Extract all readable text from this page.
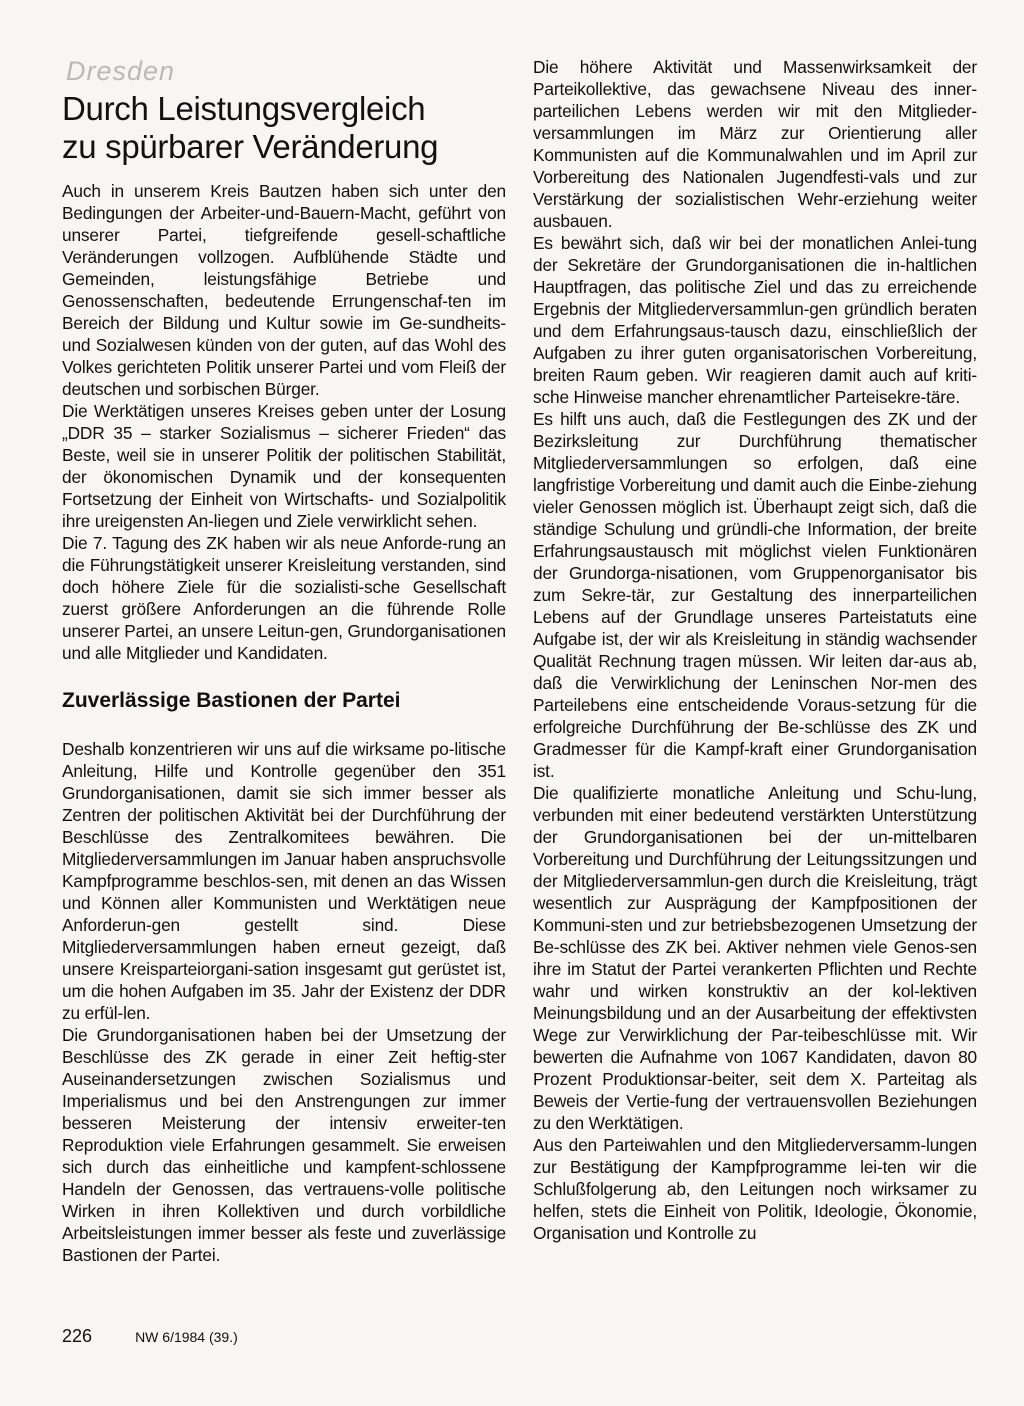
Dresden
Durch Leistungsvergleich
zu spürbarer Veränderung

Auch in unserem Kreis Bautzen haben sich unter den Bedingungen der Arbeiter-und-Bauern-Macht, geführt von unserer Partei, tiefgreifende gesell-schaftliche Veränderungen vollzogen. Aufblühende Städte und Gemeinden, leistungsfähige Betriebe und Genossenschaften, bedeutende Errungenschaf-ten im Bereich der Bildung und Kultur sowie im Ge-sundheits- und Sozialwesen künden von der guten, auf das Wohl des Volkes gerichteten Politik unserer Partei und vom Fleiß der deutschen und sorbischen Bürger.

Die Werktätigen unseres Kreises geben unter der Losung „DDR 35 – starker Sozialismus – sicherer Frieden“ das Beste, weil sie in unserer Politik der politischen Stabilität, der ökonomischen Dynamik und der konsequenten Fortsetzung der Einheit von Wirtschafts- und Sozialpolitik ihre ureigensten An-liegen und Ziele verwirklicht sehen.

Die 7. Tagung des ZK haben wir als neue Anforde-rung an die Führungstätigkeit unserer Kreisleitung verstanden, sind doch höhere Ziele für die sozialisti-sche Gesellschaft zuerst größere Anforderungen an die führende Rolle unserer Partei, an unsere Leitun-gen, Grundorganisationen und alle Mitglieder und Kandidaten.

Zuverlässige Bastionen der Partei

Deshalb konzentrieren wir uns auf die wirksame po-litische Anleitung, Hilfe und Kontrolle gegenüber den 351 Grundorganisationen, damit sie sich immer besser als Zentren der politischen Aktivität bei der Durchführung der Beschlüsse des Zentralkomitees bewähren. Die Mitgliederversammlungen im Januar haben anspruchsvolle Kampfprogramme beschlos-sen, mit denen an das Wissen und Können aller Kommunisten und Werktätigen neue Anforderun-gen gestellt sind. Diese Mitgliederversammlungen haben erneut gezeigt, daß unsere Kreisparteiorgani-sation insgesamt gut gerüstet ist, um die hohen Aufgaben im 35. Jahr der Existenz der DDR zu erfül-len.

Die Grundorganisationen haben bei der Umsetzung der Beschlüsse des ZK gerade in einer Zeit heftig-ster Auseinandersetzungen zwischen Sozialismus und Imperialismus und bei den Anstrengungen zur immer besseren Meisterung der intensiv erweiter-ten Reproduktion viele Erfahrungen gesammelt. Sie erweisen sich durch das einheitliche und kampfent-schlossene Handeln der Genossen, das vertrauens-volle politische Wirken in ihren Kollektiven und durch vorbildliche Arbeitsleistungen immer besser als feste und zuverlässige Bastionen der Partei.

Die höhere Aktivität und Massenwirksamkeit der Parteikollektive, das gewachsene Niveau des inner-parteilichen Lebens werden wir mit den Mitglieder-versammlungen im März zur Orientierung aller Kommunisten auf die Kommunalwahlen und im April zur Vorbereitung des Nationalen Jugendfesti-vals und zur Verstärkung der sozialistischen Wehr-erziehung weiter ausbauen.

Es bewährt sich, daß wir bei der monatlichen Anlei-tung der Sekretäre der Grundorganisationen die in-haltlichen Hauptfragen, das politische Ziel und das zu erreichende Ergebnis der Mitgliederversammlun-gen gründlich beraten und dem Erfahrungsaus-tausch dazu, einschließlich der Aufgaben zu ihrer guten organisatorischen Vorbereitung, breiten Raum geben. Wir reagieren damit auch auf kriti-sche Hinweise mancher ehrenamtlicher Parteisekre-täre.

Es hilft uns auch, daß die Festlegungen des ZK und der Bezirksleitung zur Durchführung thematischer Mitgliederversammlungen so erfolgen, daß eine langfristige Vorbereitung und damit auch die Einbe-ziehung vieler Genossen möglich ist. Überhaupt zeigt sich, daß die ständige Schulung und gründli-che Information, der breite Erfahrungsaustausch mit möglichst vielen Funktionären der Grundorga-nisationen, vom Gruppenorganisator bis zum Sekre-tär, zur Gestaltung des innerparteilichen Lebens auf der Grundlage unseres Parteistatuts eine Aufgabe ist, der wir als Kreisleitung in ständig wachsender Qualität Rechnung tragen müssen. Wir leiten dar-aus ab, daß die Verwirklichung der Leninschen Nor-men des Parteilebens eine entscheidende Voraus-setzung für die erfolgreiche Durchführung der Be-schlüsse des ZK und Gradmesser für die Kampf-kraft einer Grundorganisation ist.

Die qualifizierte monatliche Anleitung und Schu-lung, verbunden mit einer bedeutend verstärkten Unterstützung der Grundorganisationen bei der un-mittelbaren Vorbereitung und Durchführung der Leitungssitzungen und der Mitgliederversammlun-gen durch die Kreisleitung, trägt wesentlich zur Ausprägung der Kampfpositionen der Kommuni-sten und zur betriebsbezogenen Umsetzung der Be-schlüsse des ZK bei. Aktiver nehmen viele Genos-sen ihre im Statut der Partei verankerten Pflichten und Rechte wahr und wirken konstruktiv an der kol-lektiven Meinungsbildung und an der Ausarbeitung der effektivsten Wege zur Verwirklichung der Par-teibeschlüsse mit. Wir bewerten die Aufnahme von 1067 Kandidaten, davon 80 Prozent Produktionsar-beiter, seit dem X. Parteitag als Beweis der Vertie-fung der vertrauensvollen Beziehungen zu den Werktätigen.

Aus den Parteiwahlen und den Mitgliederversamm-lungen zur Bestätigung der Kampfprogramme lei-ten wir die Schlußfolgerung ab, den Leitungen noch wirksamer zu helfen, stets die Einheit von Politik, Ideologie, Ökonomie, Organisation und Kontrolle zu

226	NW 6/1984 (39.)
